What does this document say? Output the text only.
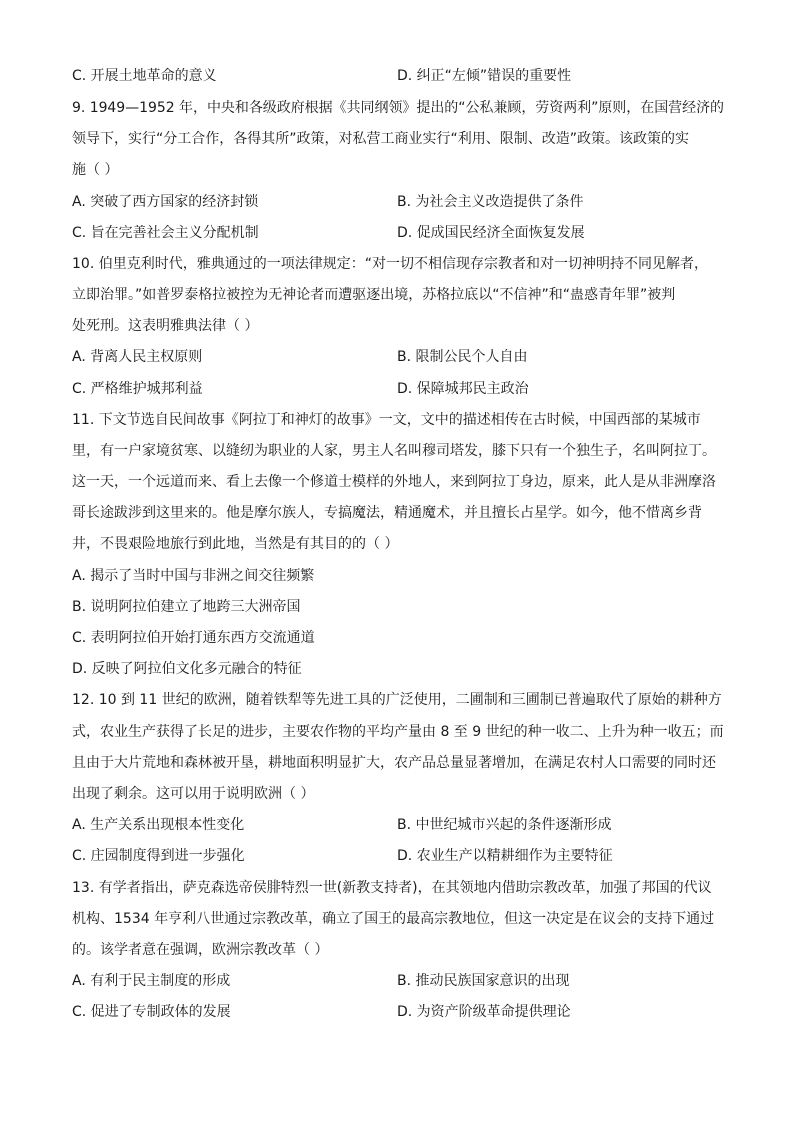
C. 开展土地革命的意义	D. 纠正“左倾”错误的重要性
9. 1949—1952 年，中央和各级政府根据《共同纲领》提出的“公私兼顾，劳资两利”原则，在国营经济的
领导下，实行“分工合作，各得其所”政策，对私营工商业实行“利用、限制、改造”政策。该政策的实
施（ ）
A. 突破了西方国家的经济封锁	B. 为社会主义改造提供了条件
C. 旨在完善社会主义分配机制	D. 促成国民经济全面恢复发展
10. 伯里克利时代，雅典通过的一项法律规定：“对一切不相信现存宗教者和对一切神明持不同见解者，
立即治罪。”如普罗泰格拉被控为无神论者而遭驱逐出境，苏格拉底以“不信神”和“蛊惑青年罪”被判
处死刑。这表明雅典法律（ ）
A. 背离人民主权原则	B. 限制公民个人自由
C. 严格维护城邦利益	D. 保障城邦民主政治
11. 下文节选自民间故事《阿拉丁和神灯的故事》一文，文中的描述相传在古时候，中国西部的某城市
里，有一户家境贫寒、以缝纫为职业的人家，男主人名叫穆司塔发，膝下只有一个独生子，名叫阿拉丁。
这一天，一个远道而来、看上去像一个修道士模样的外地人，来到阿拉丁身边，原来，此人是从非洲摩洛
哥长途跋涉到这里来的。他是摩尔族人，专搞魔法，精通魔术，并且擅长占星学。如今，他不惜离乡背
井，不畏艰险地旅行到此地，当然是有其目的的（ ）
A. 揭示了当时中国与非洲之间交往频繁
B. 说明阿拉伯建立了地跨三大洲帝国
C. 表明阿拉伯开始打通东西方交流通道
D. 反映了阿拉伯文化多元融合的特征
12. 10 到 11 世纪的欧洲，随着铁犁等先进工具的广泛使用，二圃制和三圃制已普遍取代了原始的耕种方
式，农业生产获得了长足的进步，主要农作物的平均产量由 8 至 9 世纪的种一收二、上升为种一收五；而
且由于大片荒地和森林被开垦，耕地面积明显扩大，农产品总量显著增加，在满足农村人口需要的同时还
出现了剩余。这可以用于说明欧洲（ ）
A. 生产关系出现根本性变化	B. 中世纪城市兴起的条件逐渐形成
C. 庄园制度得到进一步强化	D. 农业生产以精耕细作为主要特征
13. 有学者指出，萨克森选帝侯腓特烈一世(新教支持者)，在其领地内借助宗教改革，加强了邦国的代议
机构、1534 年亨利八世通过宗教改革，确立了国王的最高宗教地位，但这一决定是在议会的支持下通过
的。该学者意在强调，欧洲宗教改革（ ）
A. 有利于民主制度的形成	B. 推动民族国家意识的出现
C. 促进了专制政体的发展	D. 为资产阶级革命提供理论
